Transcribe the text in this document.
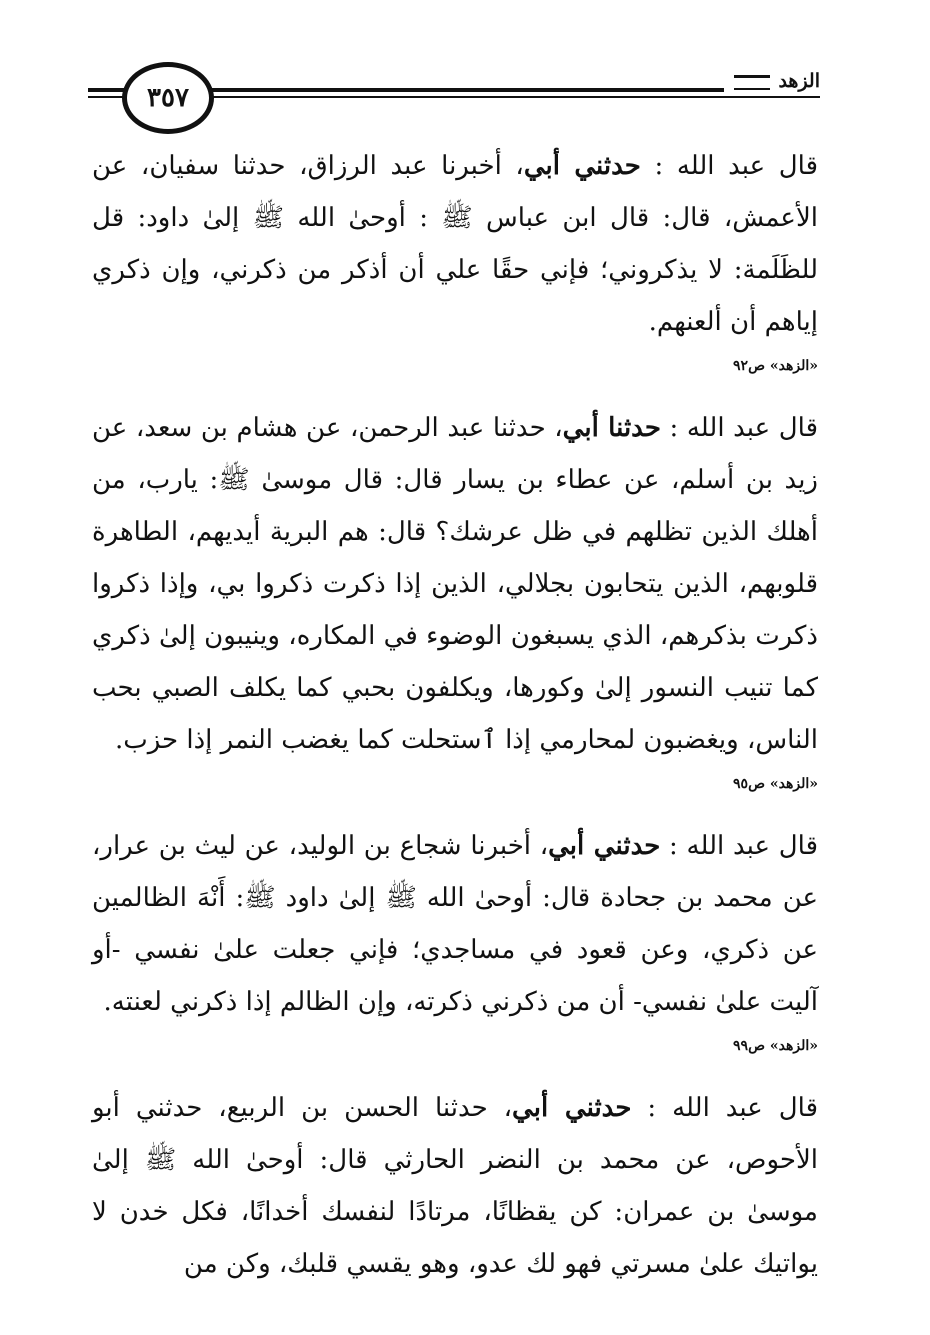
الزهد
٣٥٧

قال عبد الله : حدثني أبي، أخبرنا عبد الرزاق، حدثنا سفيان، عن الأعمش، قال: قال ابن عباس ﷺ : أوحىٰ الله ﷺ إلىٰ داود: قل للظَلَمة: لا يذكروني؛ فإني حقًا علي أن أذكر من ذكرني، وإن ذكري إياهم أن ألعنهم.

«الزهد» ص٩٢

قال عبد الله : حدثنا أبي، حدثنا عبد الرحمن، عن هشام بن سعد، عن زيد بن أسلم، عن عطاء بن يسار قال: قال موسىٰ ﷺ: يارب، من أهلك الذين تظلهم في ظل عرشك؟ قال: هم البرية أيديهم، الطاهرة قلوبهم، الذين يتحابون بجلالي، الذين إذا ذكرت ذكروا بي، وإذا ذكروا ذكرت بذكرهم، الذي يسبغون الوضوء في المكاره، وينيبون إلىٰ ذكري كما تنيب النسور إلىٰ وكورها، ويكلفون بحبي كما يكلف الصبي بحب الناس، ويغضبون لمحارمي إذا ٱستحلت كما يغضب النمر إذا حزب.

«الزهد» ص٩٥

قال عبد الله : حدثني أبي، أخبرنا شجاع بن الوليد، عن ليث بن عرار، عن محمد بن جحادة قال: أوحىٰ الله ﷺ إلىٰ داود ﷺ: أَنْهَ الظالمين عن ذكري، وعن قعود في مساجدي؛ فإني جعلت علىٰ نفسي -أو آليت علىٰ نفسي- أن من ذكرني ذكرته، وإن الظالم إذا ذكرني لعنته.

«الزهد» ص٩٩

قال عبد الله : حدثني أبي، حدثنا الحسن بن الربيع، حدثني أبو الأحوص، عن محمد بن النضر الحارثي قال: أوحىٰ الله ﷺ إلىٰ موسىٰ بن عمران: كن يقظانًا، مرتادًا لنفسك أخدانًا، فكل خدن لا يواتيك علىٰ مسرتي فهو لك عدو، وهو يقسي قلبك، وكن من
